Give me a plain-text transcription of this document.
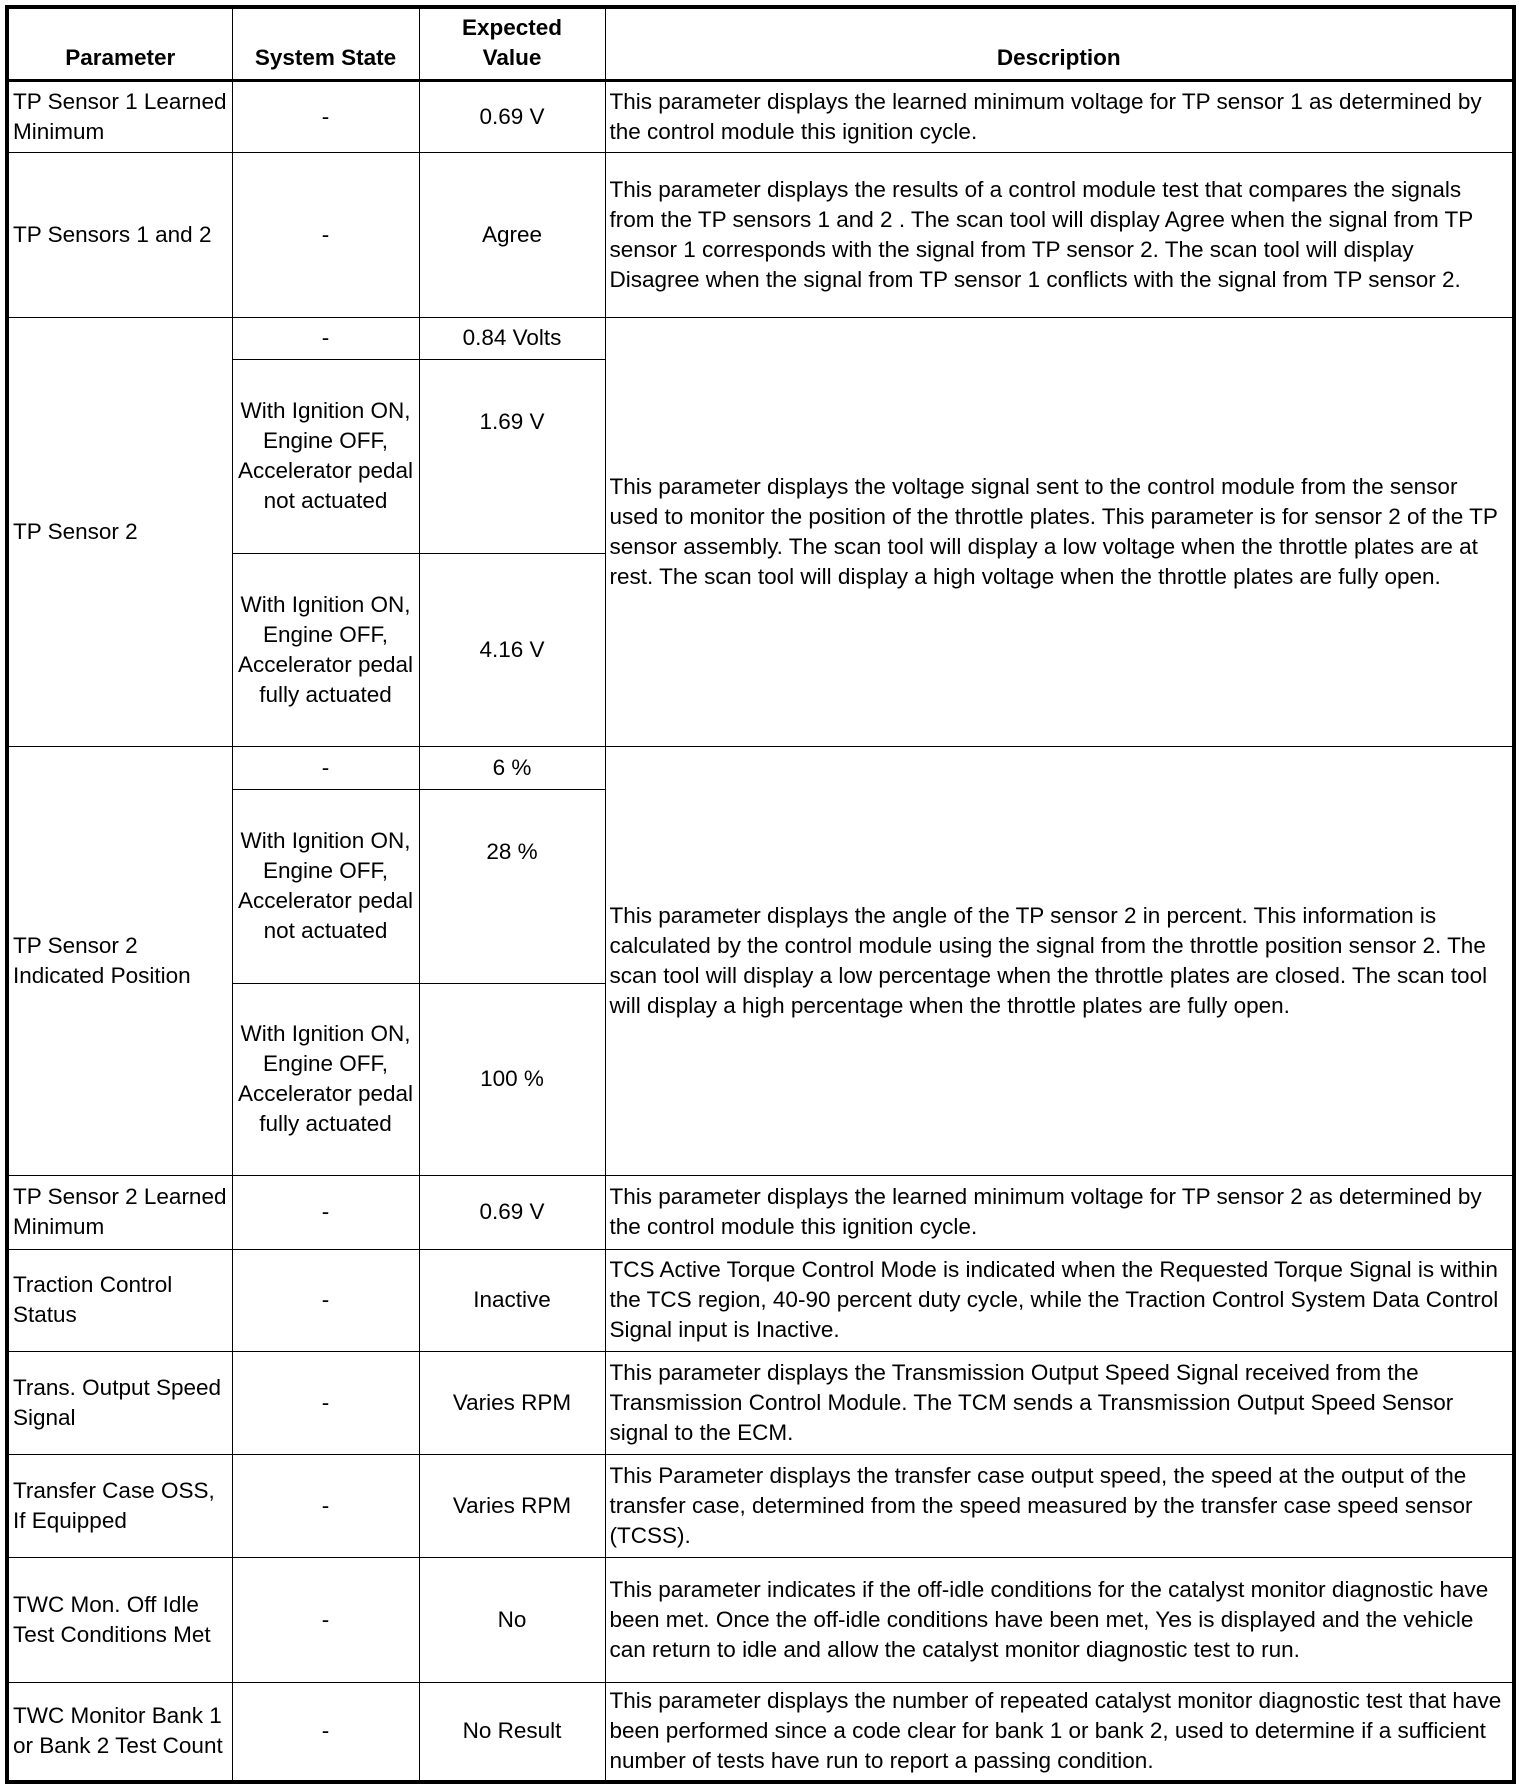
Parameter	System State	Expected Value	Description
TP Sensor 1 Learned Minimum	-	0.69 V	This parameter displays the learned minimum voltage for TP sensor 1 as determined by the control module this ignition cycle.
TP Sensors 1 and 2	-	Agree	This parameter displays the results of a control module test that compares the signals from the TP sensors 1 and 2 . The scan tool will display Agree when the signal from TP sensor 1 corresponds with the signal from TP sensor 2. The scan tool will display Disagree when the signal from TP sensor 1 conflicts with the signal from TP sensor 2.
TP Sensor 2	-	0.84 Volts	This parameter displays the voltage signal sent to the control module from the sensor used to monitor the position of the throttle plates. This parameter is for sensor 2 of the TP sensor assembly. The scan tool will display a low voltage when the throttle plates are at rest. The scan tool will display a high voltage when the throttle plates are fully open.
	With Ignition ON, Engine OFF, Accelerator pedal not actuated	1.69 V	
	With Ignition ON, Engine OFF, Accelerator pedal fully actuated	4.16 V	
TP Sensor 2 Indicated Position	-	6 %	This parameter displays the angle of the TP sensor 2 in percent. This information is calculated by the control module using the signal from the throttle position sensor 2. The scan tool will display a low percentage when the throttle plates are closed. The scan tool will display a high percentage when the throttle plates are fully open.
	With Ignition ON, Engine OFF, Accelerator pedal not actuated	28 %	
	With Ignition ON, Engine OFF, Accelerator pedal fully actuated	100 %	
TP Sensor 2 Learned Minimum	-	0.69 V	This parameter displays the learned minimum voltage for TP sensor 2 as determined by the control module this ignition cycle.
Traction Control Status	-	Inactive	TCS Active Torque Control Mode is indicated when the Requested Torque Signal is within the TCS region, 40-90 percent duty cycle, while the Traction Control System Data Control Signal input is Inactive.
Trans. Output Speed Signal	-	Varies RPM	This parameter displays the Transmission Output Speed Signal received from the Transmission Control Module. The TCM sends a Transmission Output Speed Sensor signal to the ECM.
Transfer Case OSS, If Equipped	-	Varies RPM	This Parameter displays the transfer case output speed, the speed at the output of the transfer case, determined from the speed measured by the transfer case speed sensor (TCSS).
TWC Mon. Off Idle Test Conditions Met	-	No	This parameter indicates if the off-idle conditions for the catalyst monitor diagnostic have been met. Once the off-idle conditions have been met, Yes is displayed and the vehicle can return to idle and allow the catalyst monitor diagnostic test to run.
TWC Monitor Bank 1 or Bank 2 Test Count	-	No Result	This parameter displays the number of repeated catalyst monitor diagnostic test that have been performed since a code clear for bank 1 or bank 2, used to determine if a sufficient number of tests have run to report a passing condition.
